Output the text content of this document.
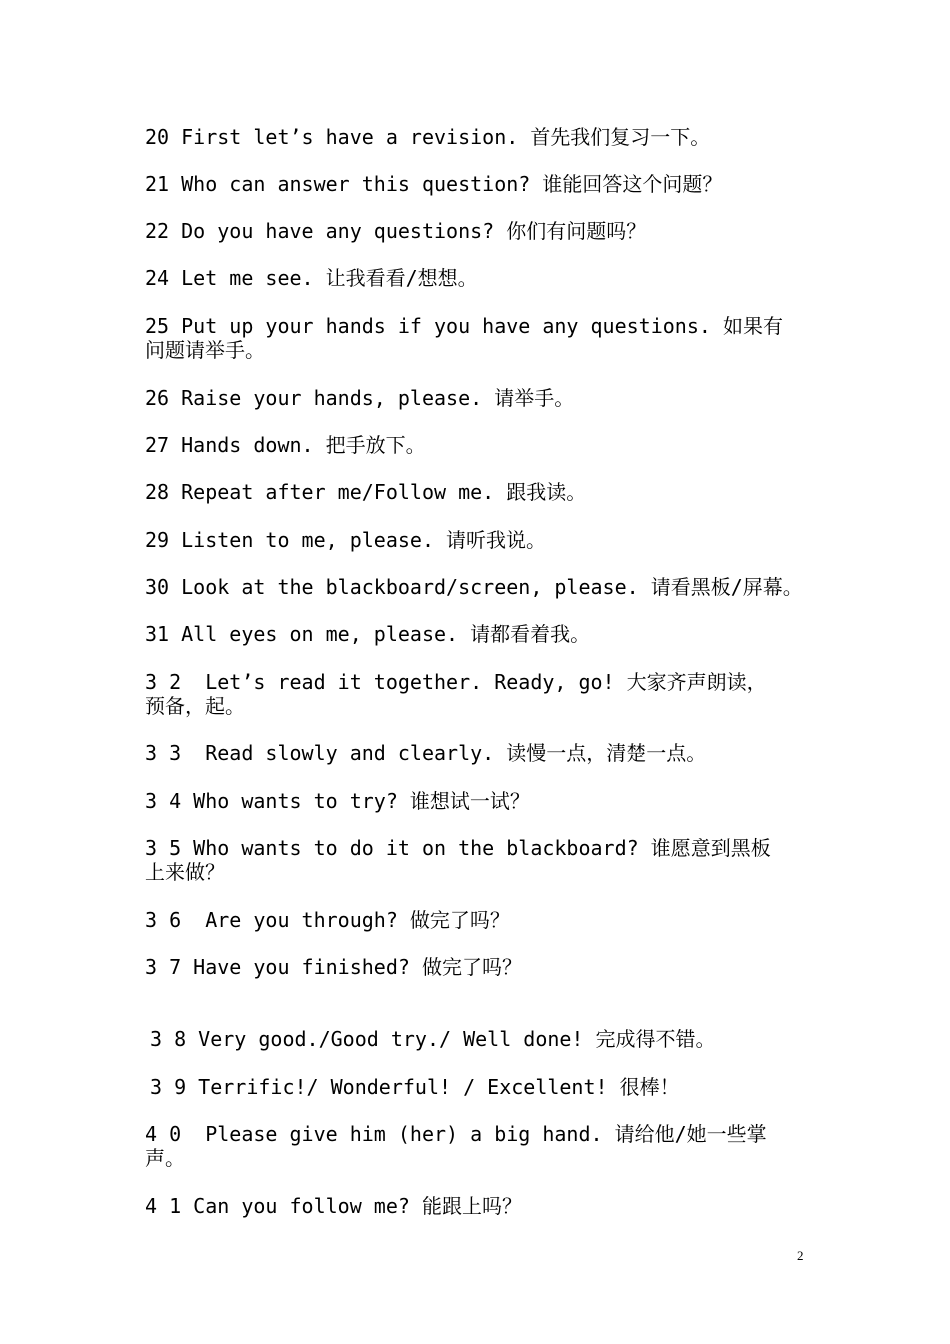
20 First let’s have a revision. 首先我们复习一下。
21 Who can answer this question? 谁能回答这个问题？
22 Do you have any questions? 你们有问题吗？
24 Let me see. 让我看看/想想。
25 Put up your hands if you have any questions. 如果有
问题请举手。
26 Raise your hands, please. 请举手。
27 Hands down. 把手放下。
28 Repeat after me/Follow me. 跟我读。
29 Listen to me, please. 请听我说。
30 Look at the blackboard/screen, please. 请看黑板/屏幕。
31 All eyes on me, please. 请都看着我。
3 2  Let’s read it together. Ready, go! 大家齐声朗读，
预备，起。
3 3  Read slowly and clearly. 读慢一点，清楚一点。
3 4 Who wants to try? 谁想试一试？
3 5 Who wants to do it on the blackboard? 谁愿意到黑板
上来做？
3 6  Are you through? 做完了吗？
3 7 Have you finished? 做完了吗？
3 8 Very good./Good try./ Well done! 完成得不错。
3 9 Terrific!/ Wonderful! / Excellent! 很棒！
4 0  Please give him (her) a big hand. 请给他/她一些掌
声。
4 1 Can you follow me? 能跟上吗？
2
